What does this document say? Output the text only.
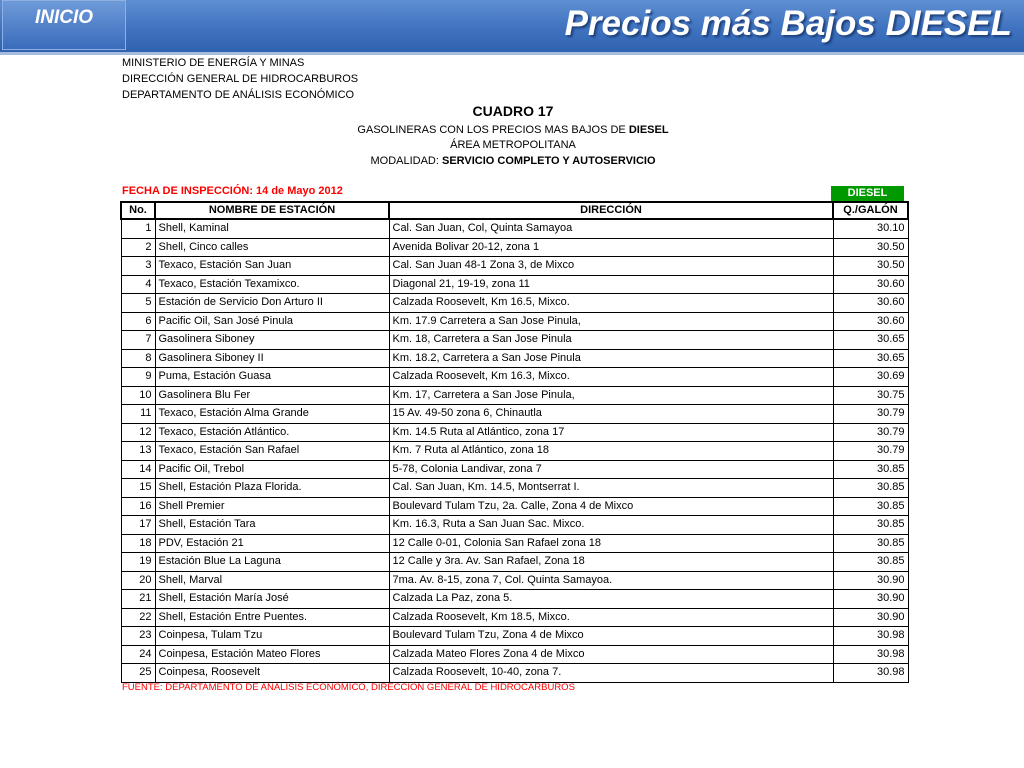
INICIO	Precios más Bajos DIESEL
MINISTERIO DE ENERGÍA Y MINAS
DIRECCIÓN GENERAL DE HIDROCARBUROS
DEPARTAMENTO DE ANÁLISIS ECONÓMICO
CUADRO 17
GASOLINERAS CON LOS PRECIOS MAS BAJOS DE DIESEL
ÁREA METROPOLITANA
MODALIDAD: SERVICIO COMPLETO Y AUTOSERVICIO
FECHA DE INSPECCIÓN: 14 de Mayo 2012	DIESEL
No.	NOMBRE DE ESTACIÓN	DIRECCIÓN	Q./GALÓN
1	Shell, Kaminal	Cal. San Juan, Col, Quinta Samayoa	30.10
2	Shell, Cinco calles	Avenida Bolivar 20-12, zona 1	30.50
3	Texaco, Estación San Juan	Cal. San Juan 48-1 Zona 3, de Mixco	30.50
4	Texaco, Estación Texamixco.	Diagonal 21, 19-19, zona 11	30.60
5	Estación de Servicio Don Arturo II	Calzada Roosevelt, Km 16.5, Mixco.	30.60
6	Pacific Oil, San José Pinula	Km. 17.9 Carretera a San Jose Pinula,	30.60
7	Gasolinera Siboney	Km. 18, Carretera a San Jose Pinula	30.65
8	Gasolinera Siboney II	Km. 18.2, Carretera a San Jose Pinula	30.65
9	Puma, Estación Guasa	Calzada Roosevelt, Km 16.3, Mixco.	30.69
10	Gasolinera Blu Fer	Km. 17, Carretera a San Jose Pinula,	30.75
11	Texaco, Estación Alma Grande	15 Av. 49-50 zona 6, Chinautla	30.79
12	Texaco, Estación Atlántico.	Km. 14.5 Ruta al Atlántico, zona 17	30.79
13	Texaco, Estación San Rafael	Km. 7 Ruta al Atlántico, zona 18	30.79
14	Pacific Oil, Trebol	5-78, Colonia Landivar, zona 7	30.85
15	Shell, Estación Plaza Florida.	Cal. San Juan, Km. 14.5, Montserrat I.	30.85
16	Shell Premier	Boulevard Tulam Tzu, 2a. Calle, Zona 4 de Mixco	30.85
17	Shell, Estación Tara	Km. 16.3, Ruta a San Juan Sac. Mixco.	30.85
18	PDV, Estación 21	12 Calle 0-01, Colonia San Rafael zona 18	30.85
19	Estación Blue La Laguna	12 Calle y 3ra. Av. San Rafael, Zona 18	30.85
20	Shell, Marval	7ma. Av. 8-15, zona 7, Col. Quinta Samayoa.	30.90
21	Shell, Estación María José	Calzada La Paz, zona 5.	30.90
22	Shell, Estación Entre Puentes.	Calzada Roosevelt, Km 18.5, Mixco.	30.90
23	Coinpesa, Tulam Tzu	Boulevard Tulam Tzu, Zona 4 de Mixco	30.98
24	Coinpesa, Estación Mateo Flores	Calzada Mateo Flores Zona 4 de Mixco	30.98
25	Coinpesa, Roosevelt	Calzada Roosevelt, 10-40, zona 7.	30.98
FUENTE: DEPARTAMENTO DE ANALISIS ECONÓMICO, DIRECCIÓN GENERAL DE HIDROCARBUROS
